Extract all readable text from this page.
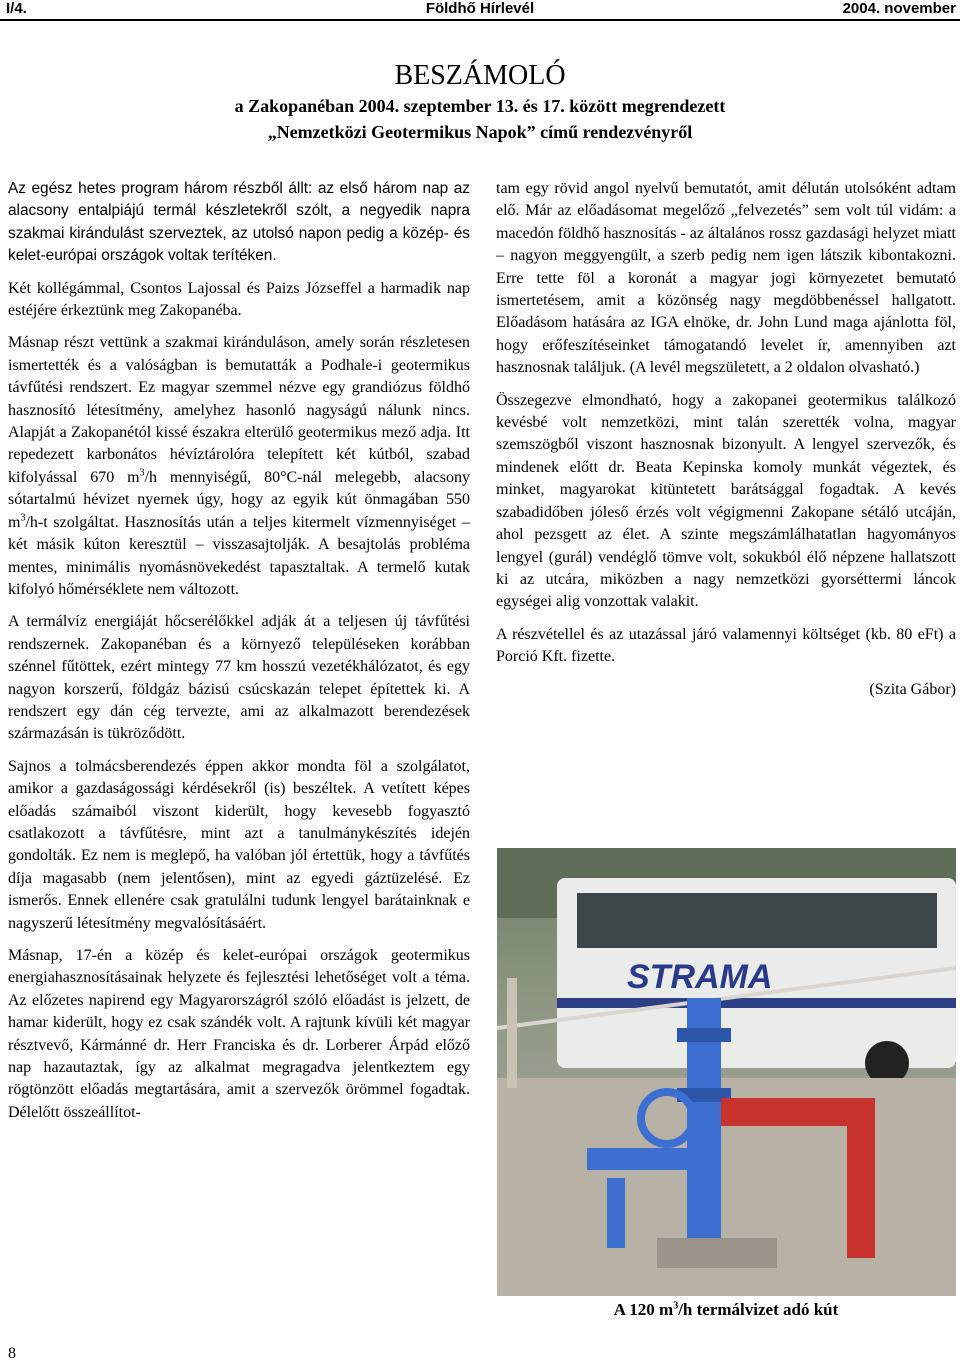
I/4.	Földhő Hírlevél	2004. november
BESZÁMOLÓ
a Zakopanéban 2004. szeptember 13. és 17. között megrendezett
„Nemzetközi Geotermikus Napok” című rendezvényről

Az egész hetes program három részből állt: az első három nap az alacsony entalpiájú termál készletekről szólt, a negyedik napra szakmai kirándulást szerveztek, az utolsó napon pedig a közép- és kelet-európai országok voltak terítéken.

Két kollégámmal, Csontos Lajossal és Paizs Józseffel a harmadik nap estéjére érkeztünk meg Zakopanéba.

Másnap részt vettünk a szakmai kiránduláson, amely során részletesen ismertették és a valóságban is bemutatták a Podhale-i geotermikus távfűtési rendszert. Ez magyar szemmel nézve egy grandiózus földhő hasznosító létesítmény, amelyhez hasonló nagyságú nálunk nincs. Alapját a Zakopanétól kissé északra elterülő geotermikus mező adja. Itt repedezett karbonátos hévíztárolóra telepített két kútból, szabad kifolyással 670 $m^3/h$ mennyiségű, 80°C-nál melegebb, alacsony sótartalmú hévizet nyernek úgy, hogy az egyik kút önmagában 550 $m^3/h-t$ szolgáltat. Hasznosítás után a teljes kitermelt vízmennyiséget – két másik kúton keresztül – visszasajtolják. A besajtolás probléma mentes, minimális nyomásnövekedést tapasztaltak. A termelő kutak kifolyó hőmérséklete nem változott.

A termálvíz energiáját hőcserélőkkel adják át a teljesen új távfűtési rendszernek. Zakopanéban és a környező településeken korábban szénnel fűtöttek, ezért mintegy 77 km hosszú vezetékhálózatot, és egy nagyon korszerű, földgáz bázisú csúcskazán telepet építettek ki. A rendszert egy dán cég tervezte, ami az alkalmazott berendezések származásán is tükröződött.

Sajnos a tolmácsberendezés éppen akkor mondta föl a szolgálatot, amikor a gazdaságossági kérdésekről (is) beszéltek. A vetített képes előadás számaiból viszont kiderült, hogy kevesebb fogyasztó csatlakozott a távfűtésre, mint azt a tanulmánykészítés idején gondolták. Ez nem is meglepő, ha valóban jól értettük, hogy a távfűtés díja magasabb (nem jelentősen), mint az egyedi gáztüzelésé. Ez ismerős. Ennek ellenére csak gratulálni tudunk lengyel barátainknak e nagyszerű létesítmény megvalósításáért.

Másnap, 17-én a közép és kelet-európai országok geotermikus energiahasznosításainak helyzete és fejlesztési lehetőséget volt a téma. Az előzetes napirend egy Magyarországról szóló előadást is jelzett, de hamar kiderült, hogy ez csak szándék volt. A rajtunk kívüli két magyar résztvevő, Kármánné dr. Herr Franciska és dr. Lorberer Árpád előző nap hazautaztak, így az alkalmat megragadva jelentkeztem egy rögtönzött előadás megtartására, amit a szervezők örömmel fogadtak. Délelőtt összeállítot-

tam egy rövid angol nyelvű bemutatót, amit délután utolsóként adtam elő. Már az előadásomat megelőző „felvezetés” sem volt túl vidám: a macedón földhő hasznosítás - az általános rossz gazdasági helyzet miatt – nagyon meggyengült, a szerb pedig nem igen látszik kibontakozni. Erre tette föl a koronát a magyar jogi környezetet bemutató ismertetésem, amit a közönség nagy megdöbbenéssel hallgatott. Előadásom hatására az IGA elnöke, dr. John Lund maga ajánlotta föl, hogy erőfeszítéseinket támogatandó levelet ír, amennyiben azt hasznosnak találjuk. (A levél megszületett, a 2 oldalon olvasható.)

Összegezve elmondható, hogy a zakopanei geotermikus találkozó kevésbé volt nemzetközi, mint talán szerették volna, magyar szemszögből viszont hasznosnak bizonyult. A lengyel szervezők, és mindenek előtt dr. Beata Kepinska komoly munkát végeztek, és minket, magyarokat kitüntetett barátsággal fogadtak. A kevés szabadidőben jóleső érzés volt végigmenni Zakopane sétáló utcáján, ahol pezsgett az élet. A szinte megszámlálhatatlan hagyományos lengyel (gurál) vendéglő tömve volt, sokukból élő népzene hallatszott ki az utcára, miközben a nagy nemzetközi gyorséttermi láncok egységei alig vonzottak valakit.

A részvétellel és az utazással járó valamennyi költséget (kb. 80 eFt) a Porció Kft. fizette.

(Szita Gábor)

STRAMA
A 120 $m^3/h$ termálvizet adó kút
8
